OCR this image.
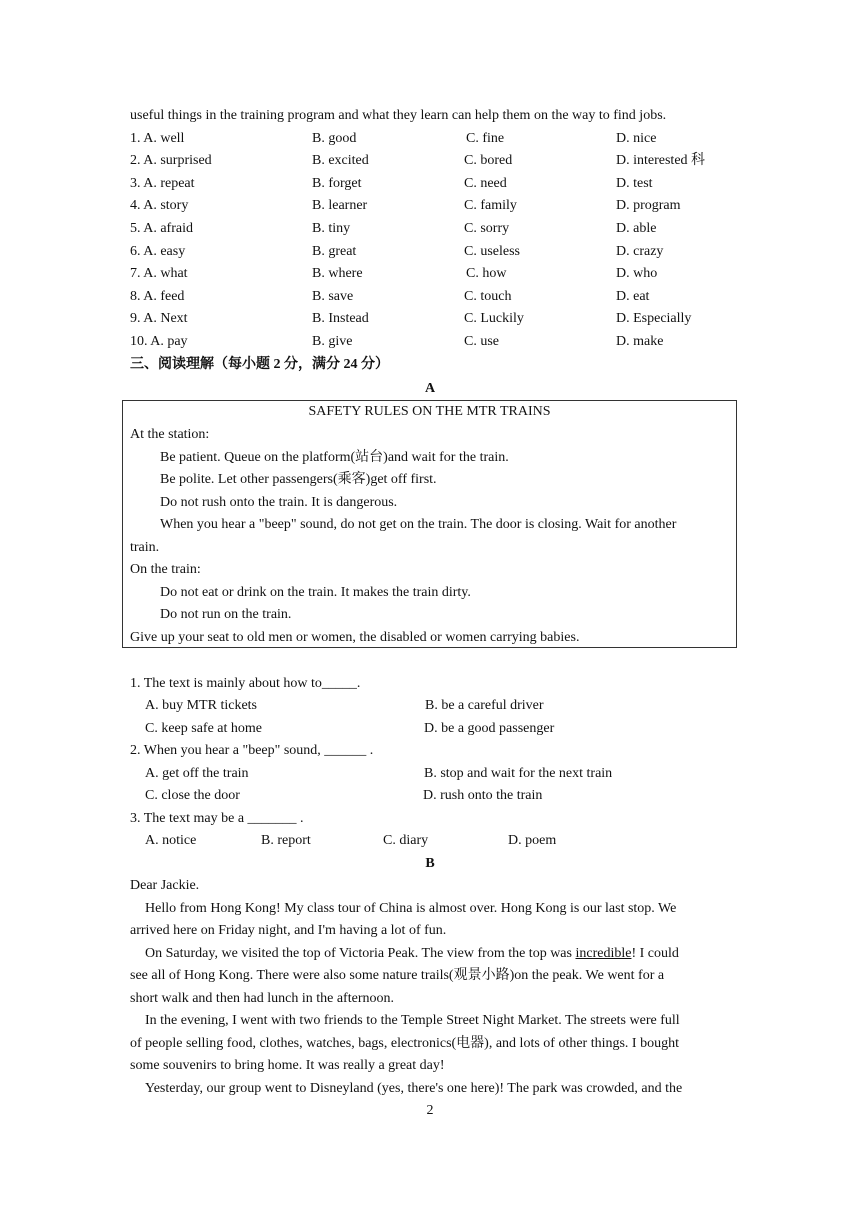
useful things in the training program and what they learn can help them on the way to find jobs.
1. A. well	B. good	C. fine	D. nice
2. A. surprised	B. excited	C. bored	D. interested 科
3. A. repeat	B. forget	C. need	D. test
4. A. story	B. learner	C. family	D. program
5. A. afraid	B. tiny	C. sorry	D. able
6. A. easy	B. great	C. useless	D. crazy
7. A. what	B. where	C. how	D. who
8. A. feed	B. save	C. touch	D. eat
9. A. Next	B. Instead	C. Luckily	D. Especially
10. A. pay	B. give	C. use	D. make
三、阅读理解（每小题 2 分，满分 24 分）
A
SAFETY RULES ON THE MTR TRAINS
At the station:
Be patient. Queue on the platform(站台)and wait for the train.
Be polite. Let other passengers(乘客)get off first.
Do not rush onto the train. It is dangerous.
When you hear a "beep" sound, do not get on the train. The door is closing. Wait for another
train.
On the train:
Do not eat or drink on the train. It makes the train dirty.
Do not run on the train.
Give up your seat to old men or women, the disabled or women carrying babies.
1. The text is mainly about how to_____.
A. buy MTR tickets	B. be a careful driver
C. keep safe at home	D. be a good passenger
2. When you hear a "beep" sound, ______ .
A. get off the train	B. stop and wait for the next train
C. close the door	D. rush onto the train
3. The text may be a _______ .
A. notice	B. report	C. diary	D. poem
B
Dear Jackie.
Hello from Hong Kong! My class tour of China is almost over. Hong Kong is our last stop. We
arrived here on Friday night, and I'm having a lot of fun.
On Saturday, we visited the top of Victoria Peak. The view from the top was incredible! I could
see all of Hong Kong. There were also some nature trails(观景小路)on the peak. We went for a
short walk and then had lunch in the afternoon.
In the evening, I went with two friends to the Temple Street Night Market. The streets were full
of people selling food, clothes, watches, bags, electronics(电器), and lots of other things. I bought
some souvenirs to bring home. It was really a great day!
Yesterday, our group went to Disneyland (yes, there's one here)! The park was crowded, and the
2
